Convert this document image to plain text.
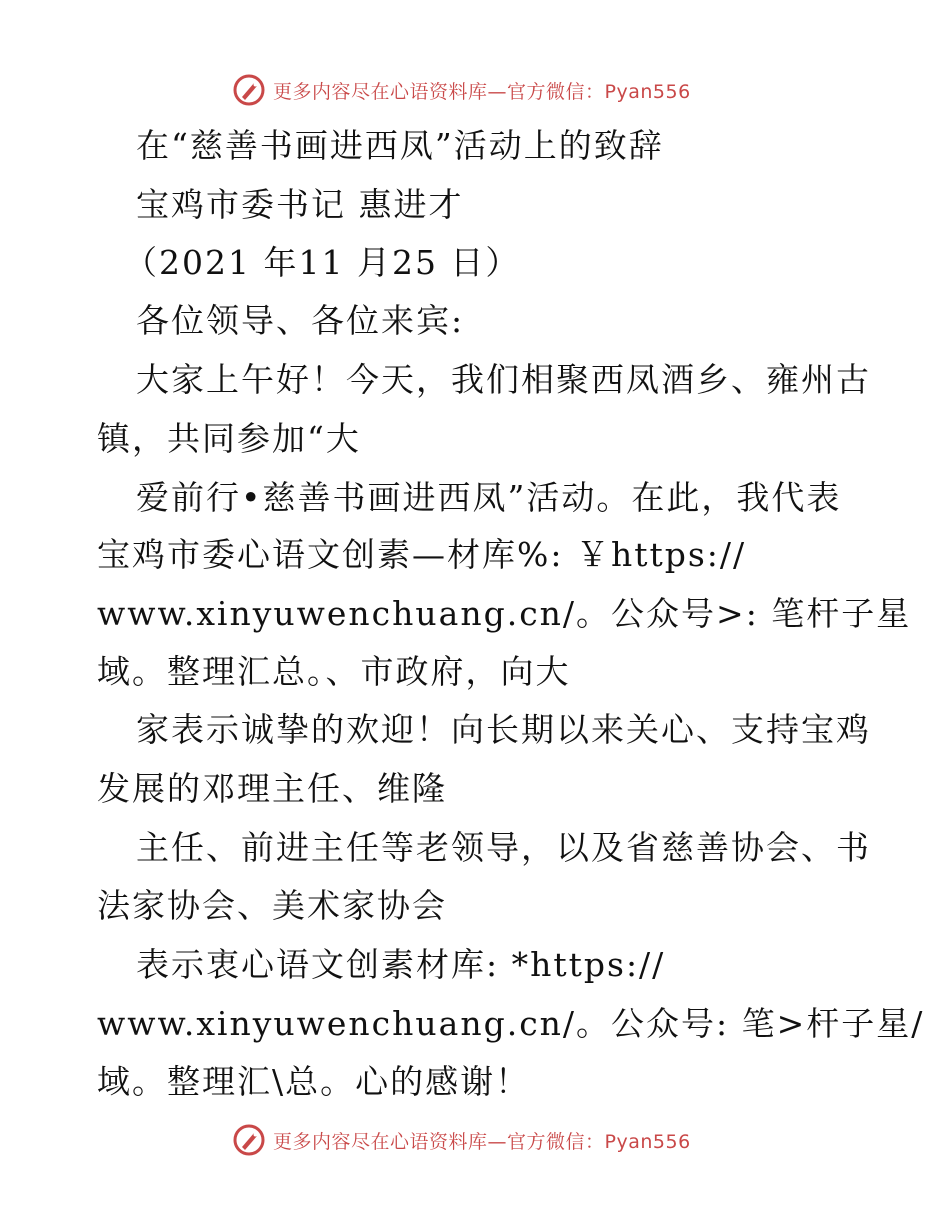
更多内容尽在心语资料库—官方微信：Pyan556
在“慈善书画进西凤”活动上的致辞
宝鸡市委书记 惠进才
（2021 年11 月25 日）
各位领导、各位来宾:
大家上午好！今天，我们相聚西凤酒乡、雍州古
镇，共同参加“大
爱前行•慈善书画进西凤”活动。在此，我代表
宝鸡市委心语文创素—材库%: ￥https://
www.xinyuwenchuang.cn/。公众号>: 笔杆子星
域。整理汇总。、市政府，向大
家表示诚挚的欢迎！向长期以来关心、支持宝鸡
发展的邓理主任、维隆
主任、前进主任等老领导，以及省慈善协会、书
法家协会、美术家协会
表示衷心语文创素材库: *https://
www.xinyuwenchuang.cn/。公众号: 笔>杆子星/
域。整理汇\总。心的感谢！
更多内容尽在心语资料库—官方微信：Pyan556
